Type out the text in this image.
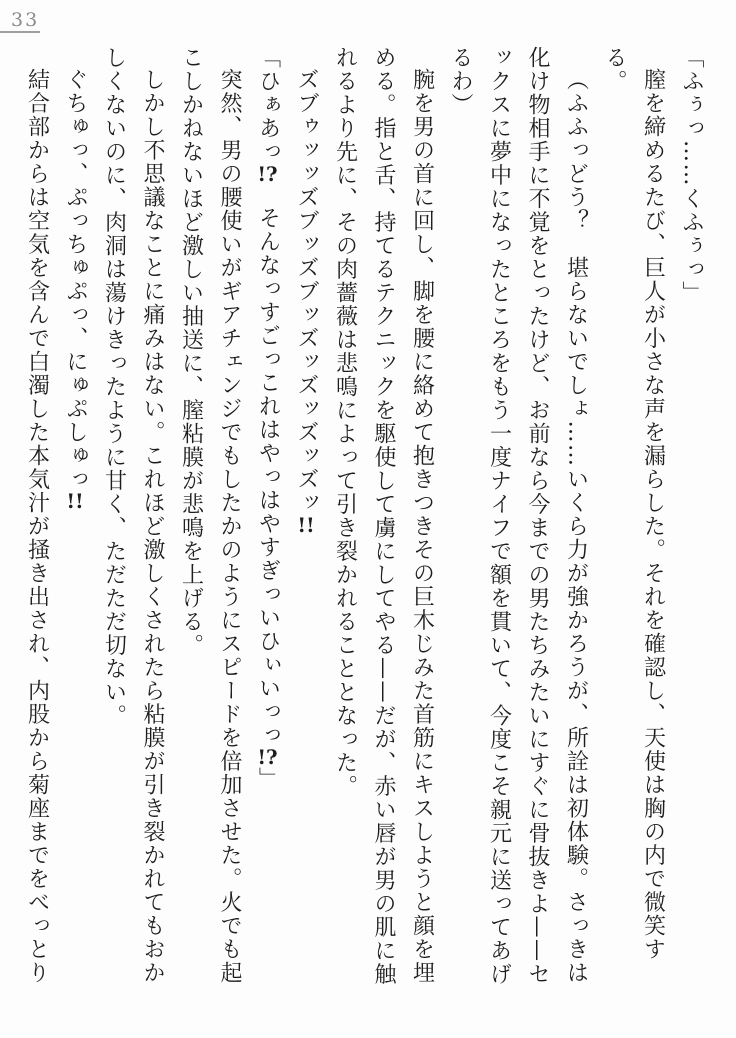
33

「ふぅっ……くふぅっ」

膣を締めるたび、巨人が小さな声を漏らした。それを確認し、天使は胸の内で微笑する。

（ふふっどう？　堪らないでしょ……いくら力が強かろうが、所詮は初体験。さっきは化け物相手に不覚をとったけど、お前なら今までの男たちみたいにすぐに骨抜きよ——セックスに夢中になったところをもう一度ナイフで額を貫いて、今度こそ親元に送ってあげるわ）

腕を男の首に回し、脚を腰に絡めて抱きつきその巨木じみた首筋にキスしようと顔を埋める。指と舌、持てるテクニックを駆使して虜にしてやる——だが、赤い唇が男の肌に触れるより先に、その肉薔薇は悲鳴によって引き裂かれることとなった。

ズブゥッッズブッズブッズッズッズッズッ!!

「ひぁあっ!?　そんなっすごっこれはやっはやすぎっいひぃいっっ!?」

突然、男の腰使いがギアチェンジでもしたかのようにスピードを倍加させた。火でも起こしかねないほど激しい抽送に、膣粘膜が悲鳴を上げる。

しかし不思議なことに痛みはない。これほど激しくされたら粘膜が引き裂かれてもおかしくないのに、肉洞は蕩けきったように甘く、ただただ切ない。

ぐちゅっ、ぷっちゅぷっ、にゅぷしゅっ!!

結合部からは空気を含んで白濁した本気汁が掻き出され、内股から菊座までをべっとり
